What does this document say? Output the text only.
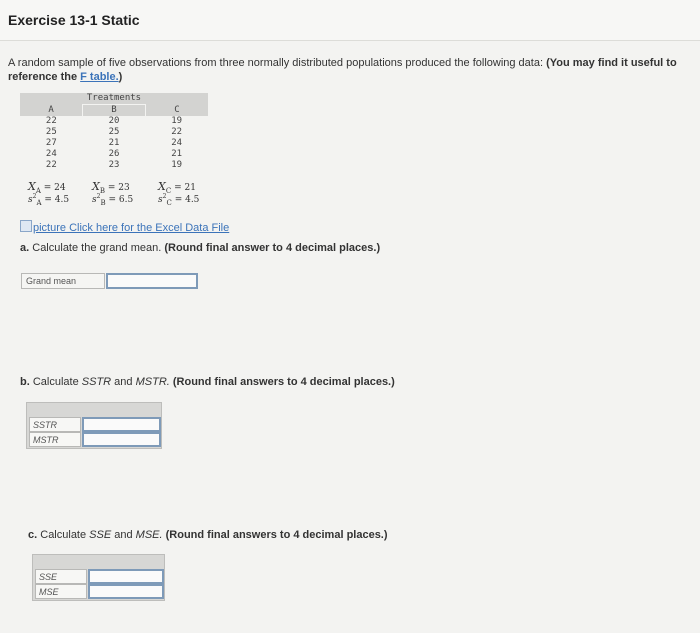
Exercise 13-1 Static
A random sample of five observations from three normally distributed populations produced the following data: (You may find it useful to reference the F table.)
	Treatments	
A	B	C
22	20	19
25	25	22
27	21	24
24	26	21
22	23	19
$X_A = 24$ $X_B = 23$	$X_C = 21$
$s^2_A = 4.5$	$s^2_B = 6.5$	$s^2_C = 4.5$
picture Click here for the Excel Data File
a. Calculate the grand mean. (Round final answer to 4 decimal places.)
Grand mean
b. Calculate SSTR and MSTR. (Round final answers to 4 decimal places.)
SSTR
MSTR
c. Calculate SSE and MSE. (Round final answers to 4 decimal places.)
SSE
MSE
